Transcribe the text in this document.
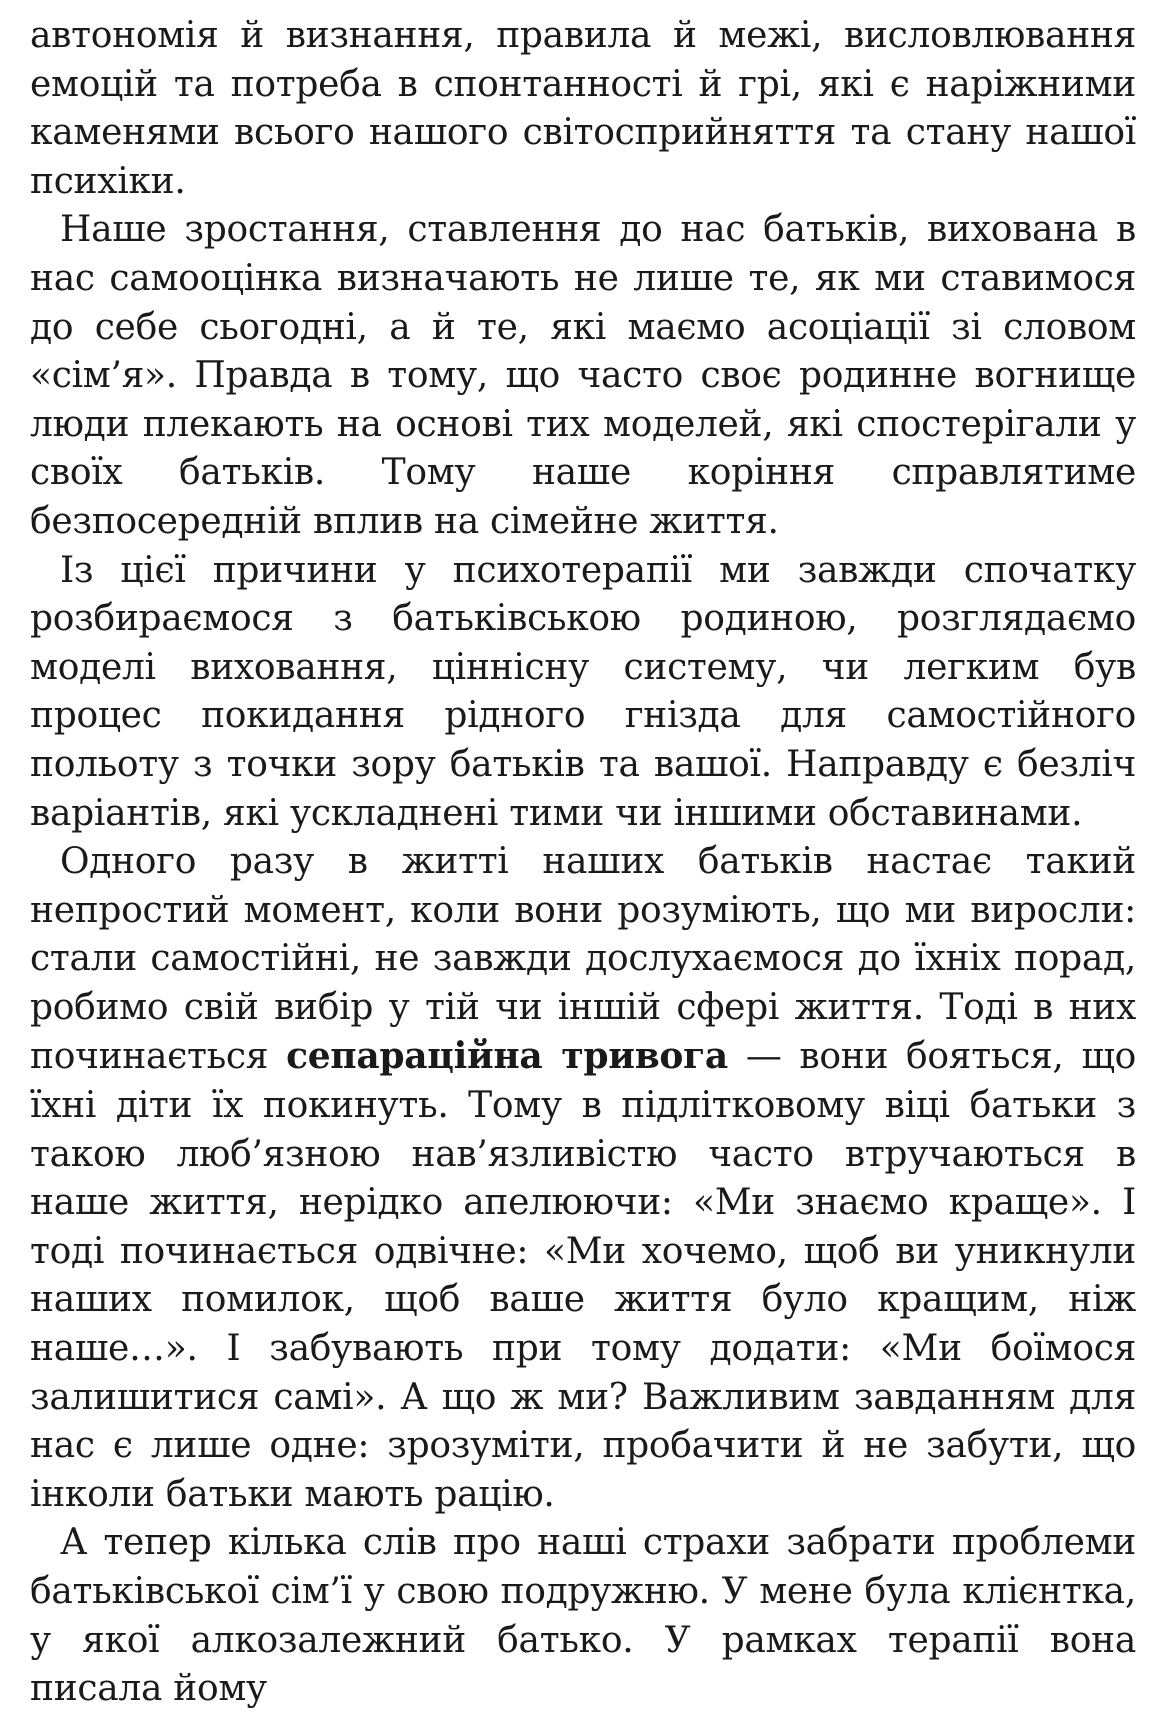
автономія й визнання, правила й межі, висловлювання емоцій та потреба в спонтанності й грі, які є наріжними каменями всього нашого світосприйняття та стану нашої психіки.

Наше зростання, ставлення до нас батьків, вихована в нас самооцінка визначають не лише те, як ми ставимося до себе сьогодні, а й те, які маємо асоціації зі словом «сім’я». Правда в тому, що часто своє родинне вогнище люди плекають на основі тих моделей, які спостерігали у своїх батьків. Тому наше коріння справлятиме безпосередній вплив на сімейне життя.

Із цієї причини у психотерапії ми завжди спочатку розбираємося з батьківською родиною, розглядаємо моделі виховання, ціннісну систему, чи легким був процес покидання рідного гнізда для самостійного польоту з точки зору батьків та вашої. Направду є безліч варіантів, які ускладнені тими чи іншими обставинами.

Одного разу в житті наших батьків настає такий непростий момент, коли вони розуміють, що ми виросли: стали самостійні, не завжди дослухаємося до їхніх порад, робимо свій вибір у тій чи іншій сфері життя. Тоді в них починається сепараційна тривога — вони бояться, що їхні діти їх покинуть. Тому в підлітковому віці батьки з такою люб’язною нав’язливістю часто втручаються в наше життя, нерідко апелюючи: «Ми знаємо краще». І тоді починається одвічне: «Ми хочемо, щоб ви уникнули наших помилок, щоб ваше життя було кращим, ніж наше…». І забувають при тому додати: «Ми боїмося залишитися самі». А що ж ми? Важливим завданням для нас є лише одне: зрозуміти, пробачити й не забути, що інколи батьки мають рацію.

А тепер кілька слів про наші страхи забрати проблеми батьківської сім’ї у свою подружню. У мене була клієнтка, у якої алкозалежний батько. У рамках терапії вона писала йому
